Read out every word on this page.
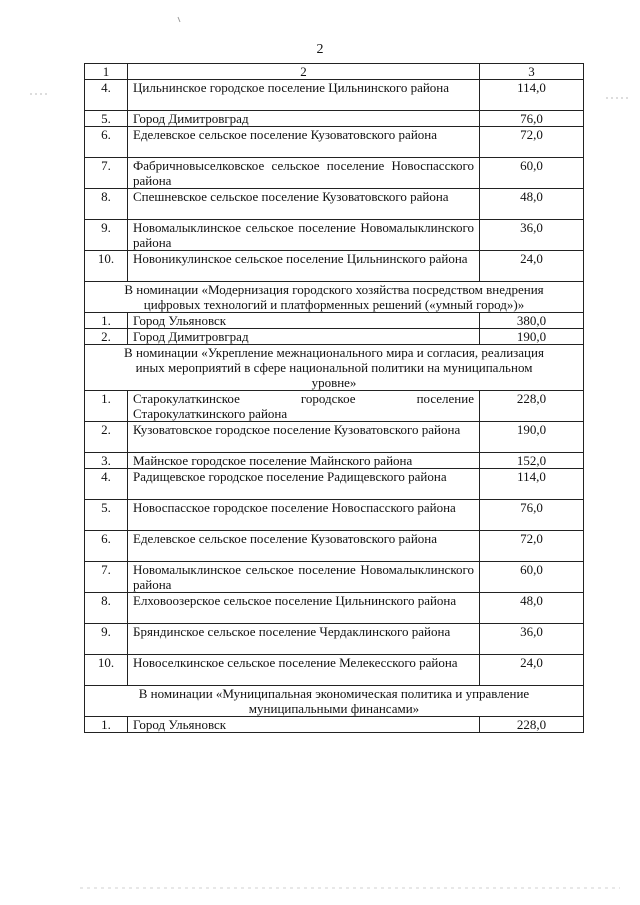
2
1	2	3
4.	Цильнинское городское поселение Цильнинского района	114,0
5.	Город Димитровград	76,0
6.	Еделевское сельское поселение Кузоватовского района	72,0
7.	Фабричновыселковское сельское поселение Новоспасского района	60,0
8.	Спешневское сельское поселение Кузоватовского района	48,0
9.	Новомалыклинское сельское поселение Новомалыклинского района	36,0
10.	Новоникулинское сельское поселение Цильнинского района	24,0
В номинации «Модернизация городского хозяйства посредством внедрения цифровых технологий и платформенных решений («умный город»)»		
1.	Город Ульяновск	380,0
2.	Город Димитровград	190,0
В номинации «Укрепление межнационального мира и согласия, реализация иных мероприятий в сфере национальной политики на муниципальном уровне»		
1.	Старокулаткинское городское поселение Старокулаткинского района	228,0
2.	Кузоватовское городское поселение Кузоватовского района	190,0
3.	Майнское городское поселение Майнского района	152,0
4.	Радищевское городское поселение Радищевского района	114,0
5.	Новоспасское городское поселение Новоспасского района	76,0
6.	Еделевское сельское поселение Кузоватовского района	72,0
7.	Новомалыклинское сельское поселение Новомалыклинского района	60,0
8.	Елховоозерское сельское поселение Цильнинского района	48,0
9.	Бряндинское сельское поселение Чердаклинского района	36,0
10.	Новоселкинское сельское поселение Мелекесского района	24,0
В номинации «Муниципальная экономическая политика и управление муниципальными финансами»		
1.	Город Ульяновск	228,0
